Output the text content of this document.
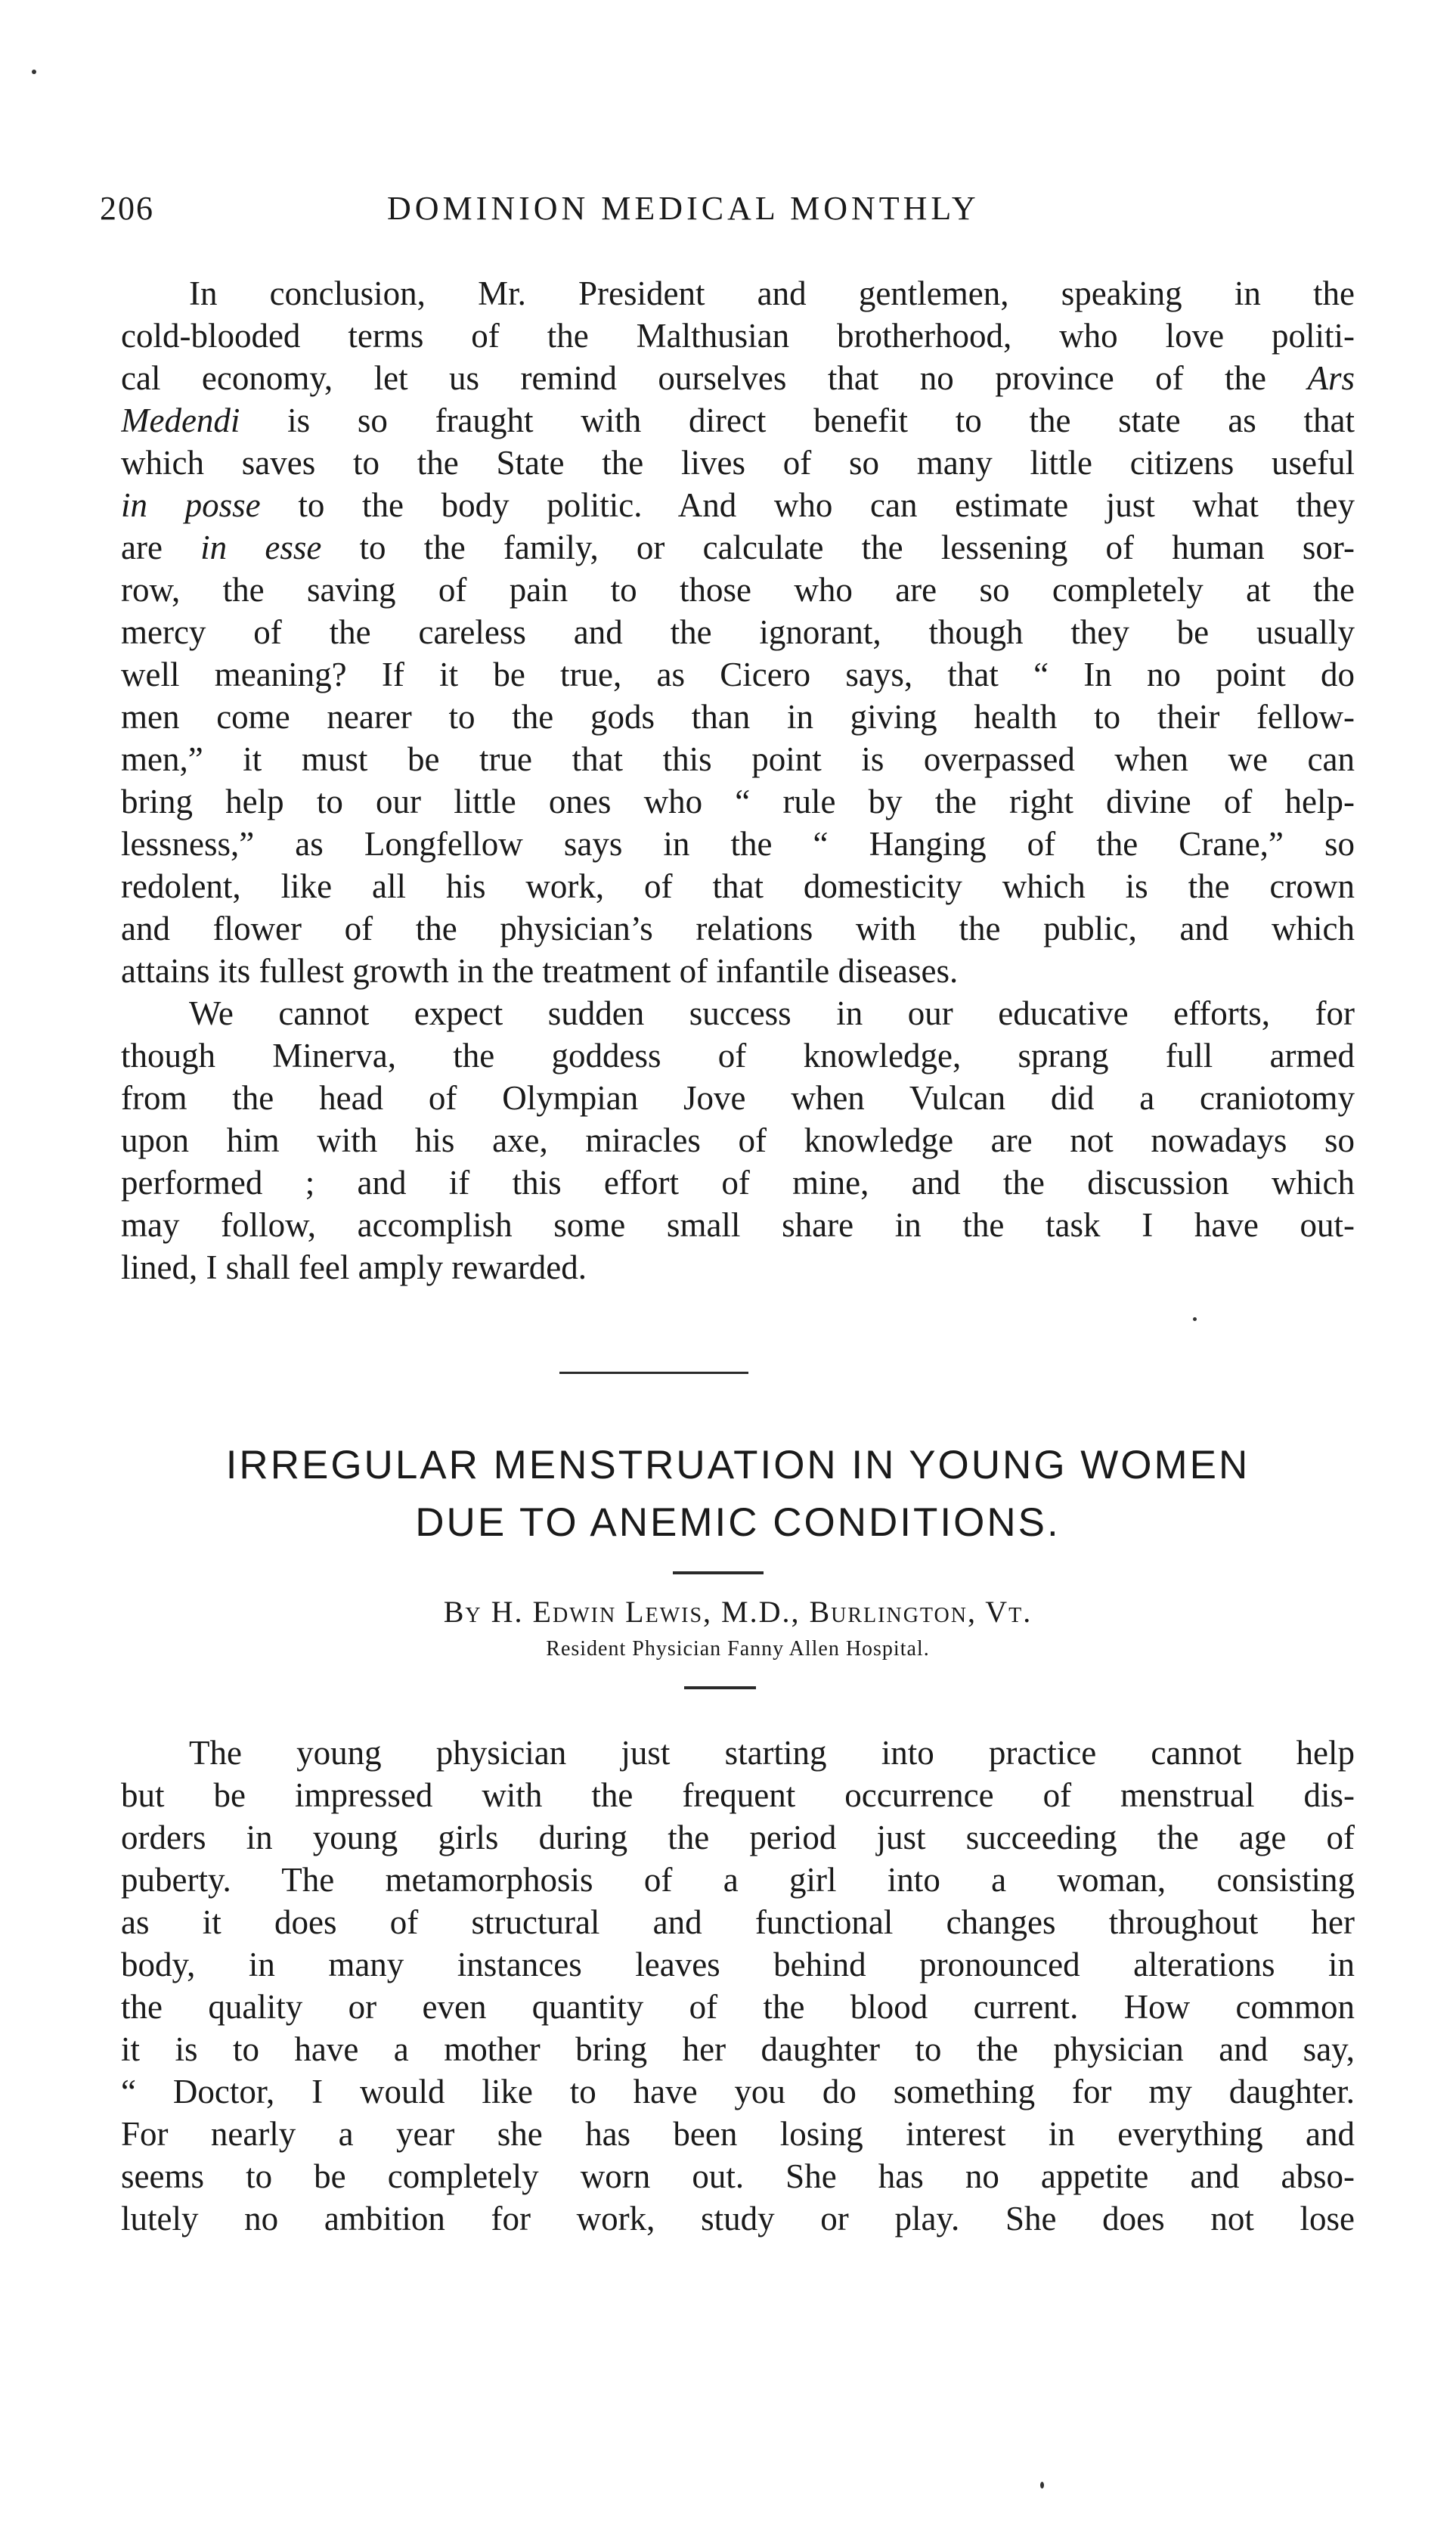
206	DOMINION MEDICAL MONTHLY
In conclusion, Mr. President and gentlemen, speaking in the
cold-blooded terms of the Malthusian brotherhood, who love politi-
cal economy, let us remind ourselves that no province of the Ars
Medendi is so fraught with direct benefit to the state as that
which saves to the State the lives of so many little citizens useful
in posse to the body politic. And who can estimate just what they
are in esse to the family, or calculate the lessening of human sor-
row, the saving of pain to those who are so completely at the
mercy of the careless and the ignorant, though they be usually
well meaning? If it be true, as Cicero says, that “ In no point do
men come nearer to the gods than in giving health to their fellow-
men,” it must be true that this point is overpassed when we can
bring help to our little ones who “ rule by the right divine of help-
lessness,” as Longfellow says in the “ Hanging of the Crane,” so
redolent, like all his work, of that domesticity which is the crown
and flower of the physician’s relations with the public, and which
attains its fullest growth in the treatment of infantile diseases.
We cannot expect sudden success in our educative efforts, for
though Minerva, the goddess of knowledge, sprang full armed
from the head of Olympian Jove when Vulcan did a craniotomy
upon him with his axe, miracles of knowledge are not nowadays so
performed ; and if this effort of mine, and the discussion which
may follow, accomplish some small share in the task I have out-
lined, I shall feel amply rewarded.
IRREGULAR MENSTRUATION IN YOUNG WOMEN
DUE TO ANEMIC CONDITIONS.
By H. Edwin Lewis, M.D., Burlington, Vt.
Resident Physician Fanny Allen Hospital.
The young physician just starting into practice cannot help
but be impressed with the frequent occurrence of menstrual dis-
orders in young girls during the period just succeeding the age of
puberty. The metamorphosis of a girl into a woman, consisting
as it does of structural and functional changes throughout her
body, in many instances leaves behind pronounced alterations in
the quality or even quantity of the blood current. How common
it is to have a mother bring her daughter to the physician and say,
“ Doctor, I would like to have you do something for my daughter.
For nearly a year she has been losing interest in everything and
seems to be completely worn out. She has no appetite and abso-
lutely no ambition for work, study or play. She does not lose
